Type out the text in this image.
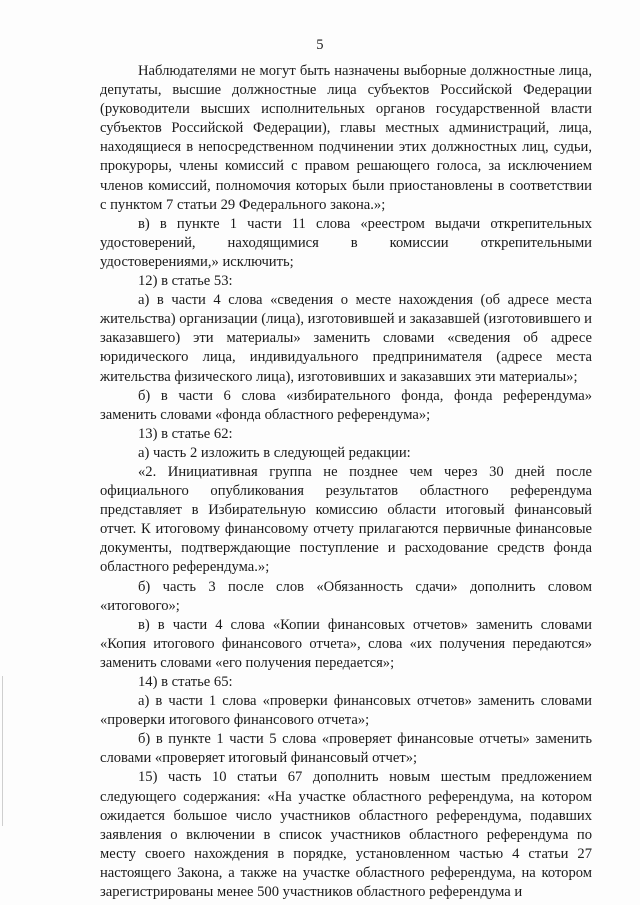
5

Наблюдателями не могут быть назначены выборные должностные лица, депутаты, высшие должностные лица субъектов Российской Федерации (руководители высших исполнительных органов государственной власти субъектов Российской Федерации), главы местных администраций, лица, находящиеся в непосредственном подчинении этих должностных лиц, судьи, прокуроры, члены комиссий с правом решающего голоса, за исключением членов комиссий, полномочия которых были приостановлены в соответствии с пунктом 7 статьи 29 Федерального закона.»;

в) в пункте 1 части 11 слова «реестром выдачи открепительных удостоверений, находящимися в комиссии открепительными удостоверениями,» исключить;

12) в статье 53:

а) в части 4 слова «сведения о месте нахождения (об адресе места жительства) организации (лица), изготовившей и заказавшей (изготовившего и заказавшего) эти материалы» заменить словами «сведения об адресе юридического лица, индивидуального предпринимателя (адресе места жительства физического лица), изготовивших и заказавших эти материалы»;

б) в части 6 слова «избирательного фонда, фонда референдума» заменить словами «фонда областного референдума»;

13) в статье 62:

а) часть 2 изложить в следующей редакции:

«2. Инициативная группа не позднее чем через 30 дней после официального опубликования результатов областного референдума представляет в Избирательную комиссию области итоговый финансовый отчет. К итоговому финансовому отчету прилагаются первичные финансовые документы, подтверждающие поступление и расходование средств фонда областного референдума.»;

б) часть 3 после слов «Обязанность сдачи» дополнить словом «итогового»;

в) в части 4 слова «Копии финансовых отчетов» заменить словами «Копия итогового финансового отчета», слова «их получения передаются» заменить словами «его получения передается»;

14) в статье 65:

а) в части 1 слова «проверки финансовых отчетов» заменить словами «проверки итогового финансового отчета»;

б) в пункте 1 части 5 слова «проверяет финансовые отчеты» заменить словами «проверяет итоговый финансовый отчет»;

15) часть 10 статьи 67 дополнить новым шестым предложением следующего содержания: «На участке областного референдума, на котором ожидается большое число участников областного референдума, подавших заявления о включении в список участников областного референдума по месту своего нахождения в порядке, установленном частью 4 статьи 27 настоящего Закона, а также на участке областного референдума, на котором зарегистрированы менее 500 участников областного референдума и
